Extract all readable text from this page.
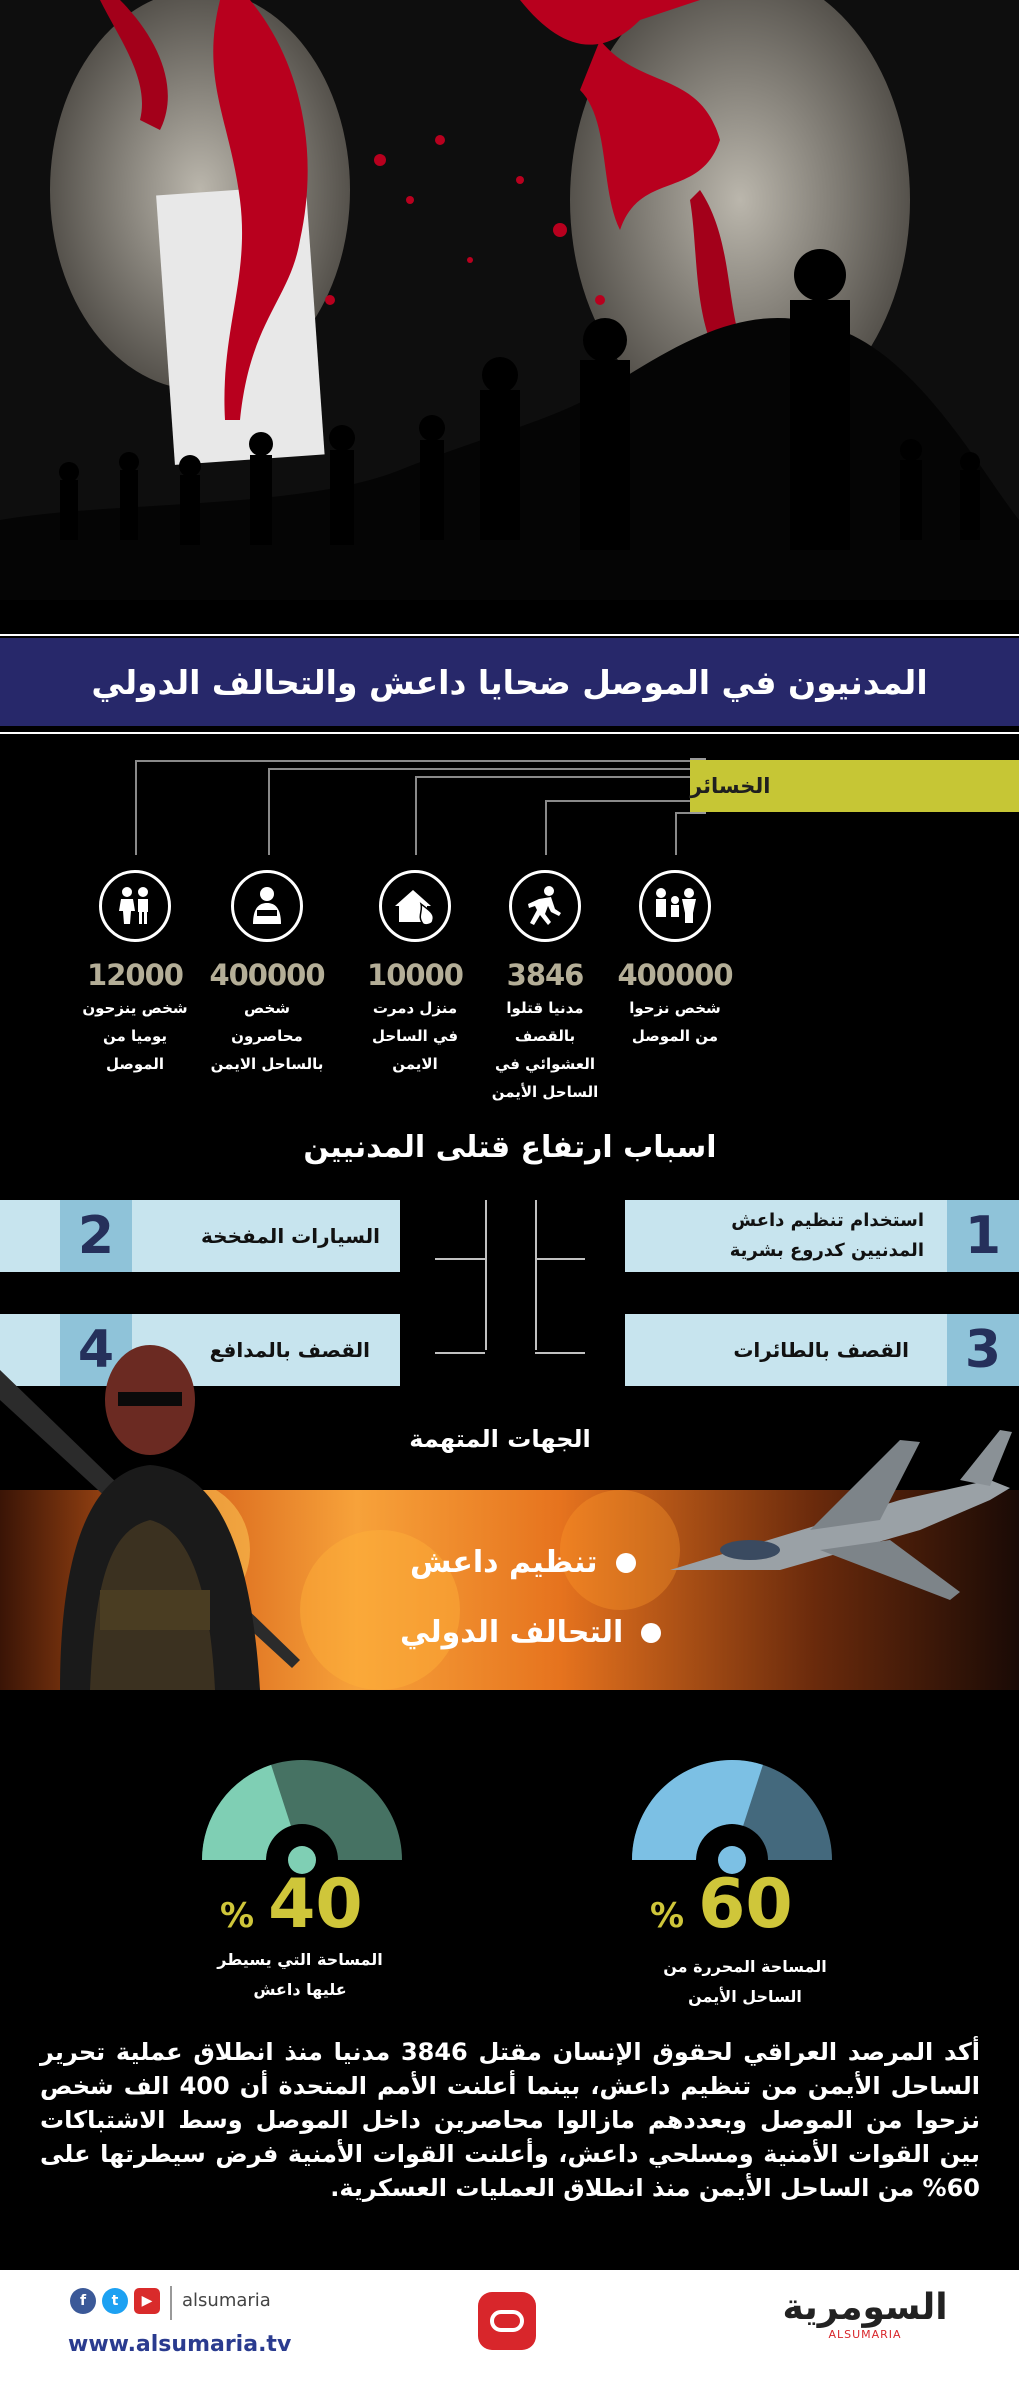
المدنيون في الموصل ضحايا داعش والتحالف الدولي
الخسائر
400000
شخص نزحوا
من الموصل
3846
مدنيا قتلوا
بالقصف
العشوائي في
الساحل الأيمن
10000
منزل دمرت
في الساحل
الايمن
400000
شخص
محاصرون
بالساحل الايمن
12000
شخص ينزحون
يوميا من
الموصل
اسباب ارتفاع قتلى المدنيين
1
استخدام تنظيم داعش
المدنيين كدروع بشرية
2	السيارات المفخخة
3
القصف بالطائرات
4	القصف بالمدافع
الجهات المتهمة
تنظيم داعش
التحالف الدولي
% 60
المساحة المحررة من
الساحل الأيمن
% 40
المساحة التي يسيطر
عليها داعش
أكد المرصد العراقي لحقوق الإنسان مقتل 3846 مدنيا منذ انطلاق عملية تحرير الساحل الأيمن من تنظيم داعش، بينما أعلنت الأمم المتحدة أن 400 الف شخص نزحوا من الموصل وبعددهم مازالوا محاصرين داخل الموصل وسط الاشتباكات بين القوات الأمنية ومسلحي داعش، وأعلنت القوات الأمنية فرض سيطرتها على 60% من الساحل الأيمن منذ انطلاق العمليات العسكرية.
f	t	▶	alsumaria
www.alsumaria.tv
السومرية
ALSUMARIA
